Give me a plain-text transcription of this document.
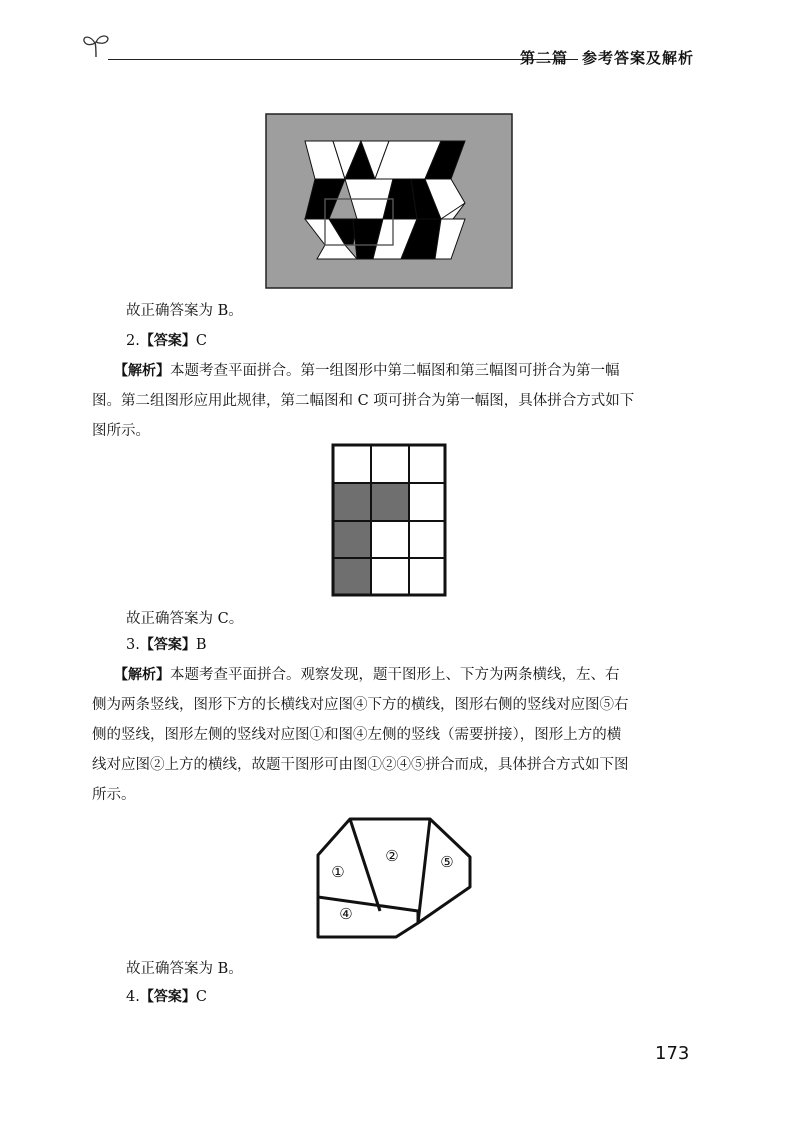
第二篇 参考答案及解析
故正确答案为 B。
2.【答案】C
【解析】本题考查平面拼合。第一组图形中第二幅图和第三幅图可拼合为第一幅
图。第二组图形应用此规律，第二幅图和 C 项可拼合为第一幅图，具体拼合方式如下
图所示。
故正确答案为 C。
3.【答案】B
【解析】本题考查平面拼合。观察发现，题干图形上、下方为两条横线，左、右
侧为两条竖线，图形下方的长横线对应图④下方的横线，图形右侧的竖线对应图⑤右
侧的竖线，图形左侧的竖线对应图①和图④左侧的竖线（需要拼接），图形上方的横
线对应图②上方的横线，故题干图形可由图①②④⑤拼合而成，具体拼合方式如下图
所示。
①
②	⑤
④
故正确答案为 B。
4.【答案】C
173
